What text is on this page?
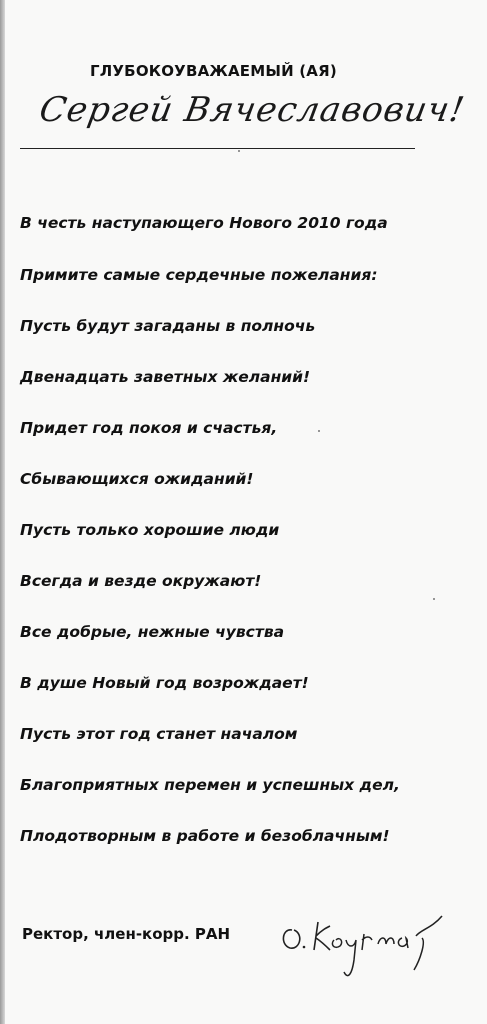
ГЛУБОКОУВАЖАЕМЫЙ (АЯ)
Сергей Вячеславович!
В честь наступающего Нового 2010 года
Примите самые сердечные пожелания:
Пусть будут загаданы в полночь
Двенадцать заветных желаний!
Придет год покоя и счастья,
Сбывающихся ожиданий!
Пусть только хорошие люди
Всегда и везде окружают!
Все добрые, нежные чувства
В душе Новый год возрождает!
Пусть этот год станет началом
Благоприятных перемен и успешных дел,
Плодотворным в работе и безоблачным!
Ректор, член-корр. РАН
